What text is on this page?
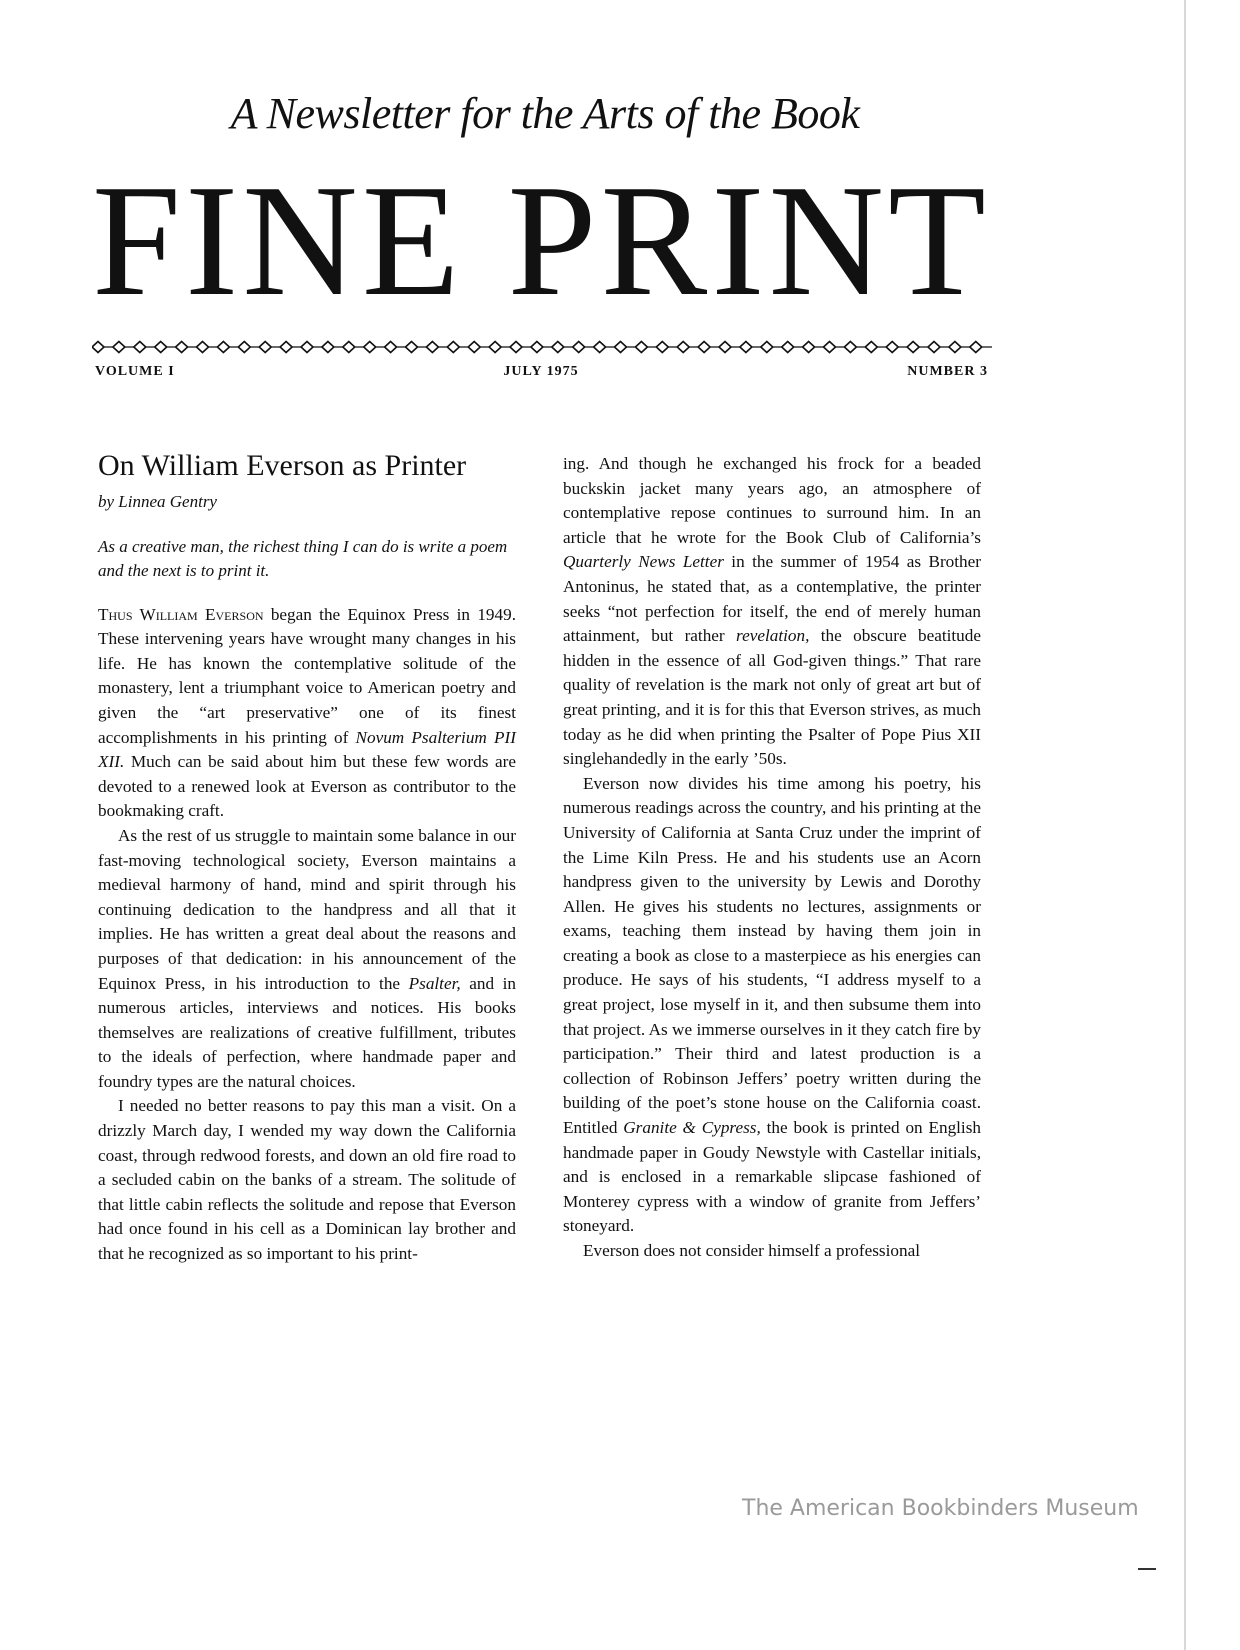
A Newsletter for the Arts of the Book
FINE PRINT
VOLUME I	JULY 1975	NUMBER 3
On William Everson as Printer
by Linnea Gentry
As a creative man, the richest thing I can do is write a poem and the next is to print it.

Thus William Everson began the Equinox Press in 1949. These intervening years have wrought many changes in his life. He has known the contemplative solitude of the monastery, lent a triumphant voice to American poetry and given the “art preservative” one of its finest accomplishments in his printing of Novum Psalterium PII XII. Much can be said about him but these few words are devoted to a renewed look at Everson as contributor to the bookmaking craft.

As the rest of us struggle to maintain some balance in our fast-moving technological society, Everson maintains a medieval harmony of hand, mind and spirit through his continuing dedication to the handpress and all that it implies. He has written a great deal about the reasons and purposes of that dedication: in his announcement of the Equinox Press, in his introduction to the Psalter, and in numerous articles, interviews and notices. His books themselves are realizations of creative fulfillment, tributes to the ideals of perfection, where handmade paper and foundry types are the natural choices.

I needed no better reasons to pay this man a visit. On a drizzly March day, I wended my way down the California coast, through redwood forests, and down an old fire road to a secluded cabin on the banks of a stream. The solitude of that little cabin reflects the solitude and repose that Everson had once found in his cell as a Dominican lay brother and that he recognized as so important to his print-

ing. And though he exchanged his frock for a beaded buckskin jacket many years ago, an atmosphere of contemplative repose continues to surround him. In an article that he wrote for the Book Club of California’s Quarterly News Letter in the summer of 1954 as Brother Antoninus, he stated that, as a contemplative, the printer seeks “not perfection for itself, the end of merely human attainment, but rather revelation, the obscure beatitude hidden in the essence of all God-given things.” That rare quality of revelation is the mark not only of great art but of great printing, and it is for this that Everson strives, as much today as he did when printing the Psalter of Pope Pius XII singlehandedly in the early ’50s.

Everson now divides his time among his poetry, his numerous readings across the country, and his printing at the University of California at Santa Cruz under the imprint of the Lime Kiln Press. He and his students use an Acorn handpress given to the university by Lewis and Dorothy Allen. He gives his students no lectures, assignments or exams, teaching them instead by having them join in creating a book as close to a masterpiece as his energies can produce. He says of his students, “I address myself to a great project, lose myself in it, and then subsume them into that project. As we immerse ourselves in it they catch fire by participation.” Their third and latest production is a collection of Robinson Jeffers’ poetry written during the building of the poet’s stone house on the California coast. Entitled Granite & Cypress, the book is printed on English handmade paper in Goudy Newstyle with Castellar initials, and is enclosed in a remarkable slipcase fashioned of Monterey cypress with a window of granite from Jeffers’ stoneyard.

Everson does not consider himself a professional

The American Bookbinders Museum
